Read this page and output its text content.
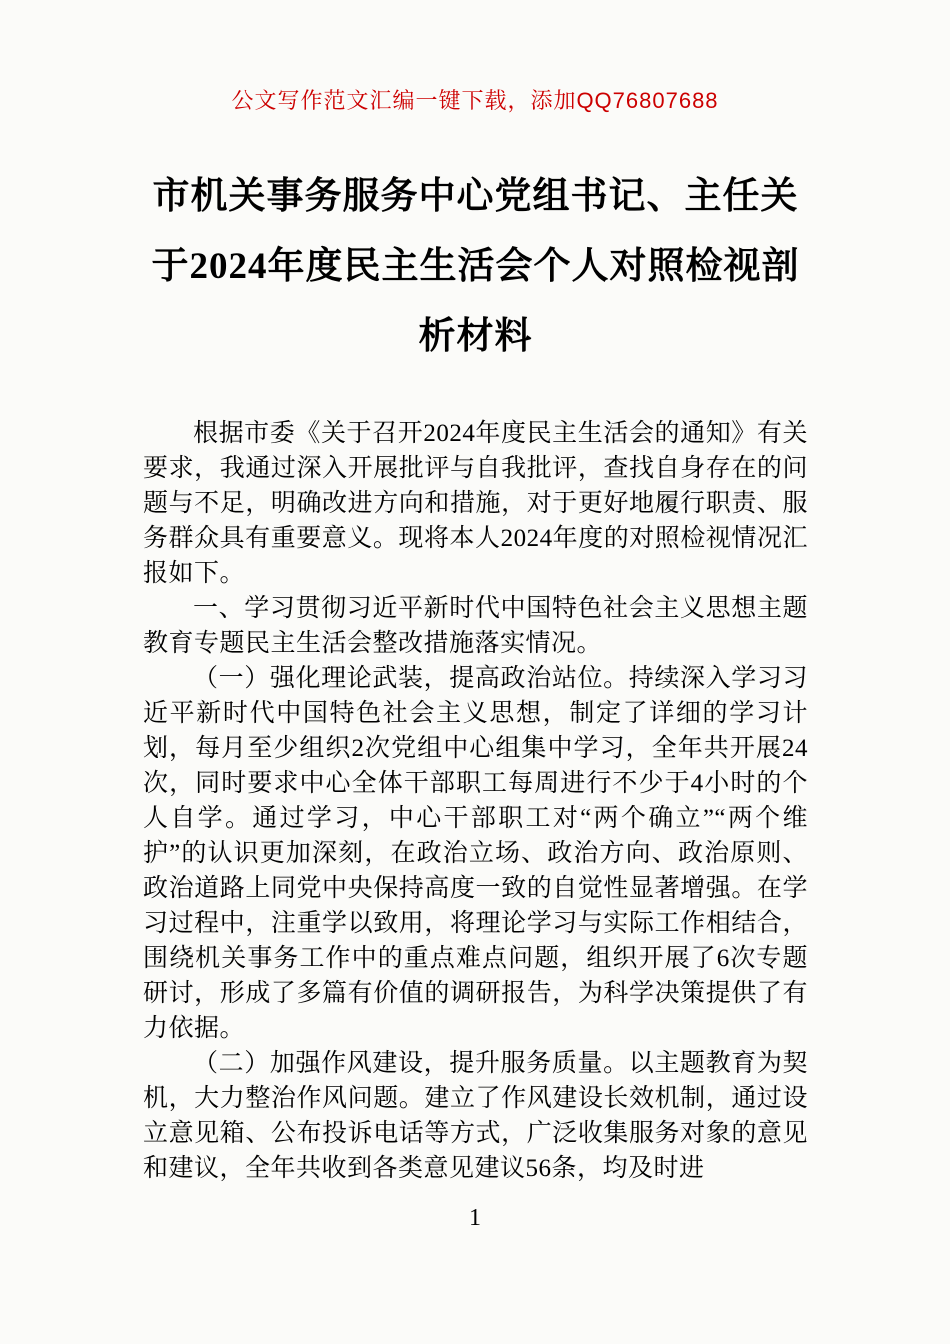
公文写作范文汇编一键下载，添加QQ76807688
市机关事务服务中心党组书记、主任关于2024年度民主生活会个人对照检视剖析材料

根据市委《关于召开2024年度民主生活会的通知》有关要求，我通过深入开展批评与自我批评，查找自身存在的问题与不足，明确改进方向和措施，对于更好地履行职责、服务群众具有重要意义。现将本人2024年度的对照检视情况汇报如下。

一、学习贯彻习近平新时代中国特色社会主义思想主题教育专题民主生活会整改措施落实情况。

（一）强化理论武装，提高政治站位。持续深入学习习近平新时代中国特色社会主义思想，制定了详细的学习计划，每月至少组织2次党组中心组集中学习，全年共开展24次，同时要求中心全体干部职工每周进行不少于4小时的个人自学。通过学习，中心干部职工对“两个确立”“两个维护”的认识更加深刻，在政治立场、政治方向、政治原则、政治道路上同党中央保持高度一致的自觉性显著增强。在学习过程中，注重学以致用，将理论学习与实际工作相结合，围绕机关事务工作中的重点难点问题，组织开展了6次专题研讨，形成了多篇有价值的调研报告，为科学决策提供了有力依据。

（二）加强作风建设，提升服务质量。以主题教育为契机，大力整治作风问题。建立了作风建设长效机制，通过设立意见箱、公布投诉电话等方式，广泛收集服务对象的意见和建议，全年共收到各类意见建议56条，均及时进

1
